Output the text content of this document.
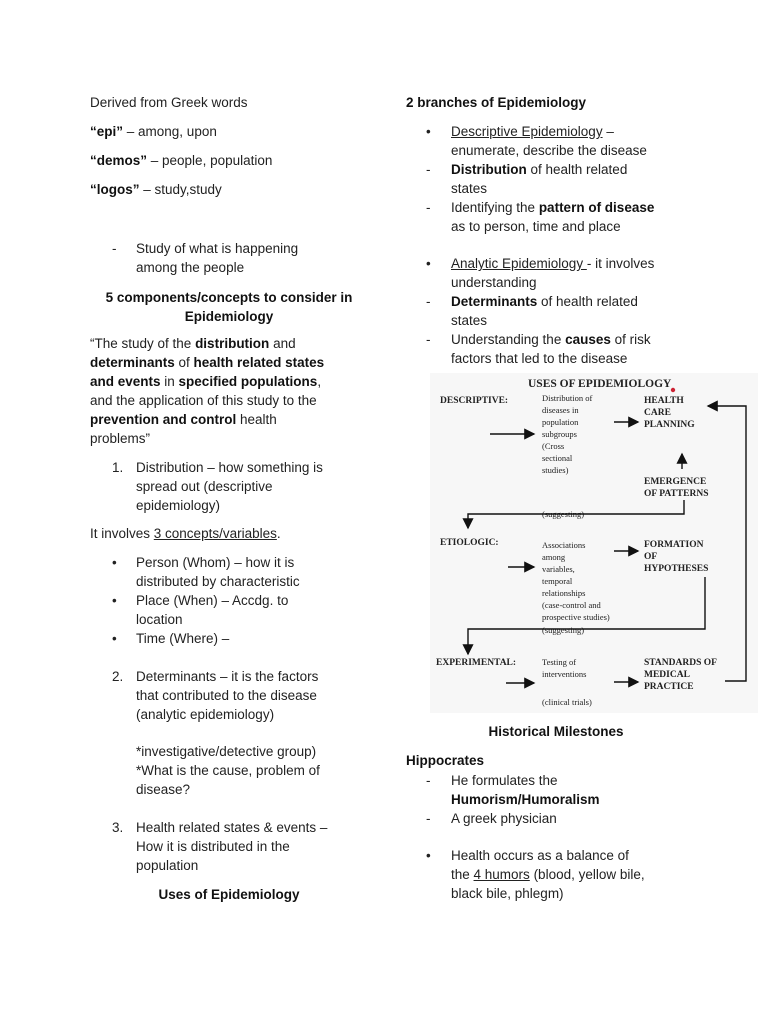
Derived from Greek words

“epi” – among, upon

“demos” – people, population

“logos” – study,study

- Study of what is happening
among the people
5 components/concepts to consider in
Epidemiology
“The study of the distribution and
determinants of health related states
and events in specified populations,
and the application of this study to the
prevention and control health
problems”
1. Distribution – how something is
spread out (descriptive
epidemiology)

It involves 3 concepts/variables.

• Person (Whom) – how it is
distributed by characteristic
• Place (When) – Accdg. to
location
• Time (Where) –
2. Determinants – it is the factors
that contributed to the disease
(analytic epidemiology)
*investigative/detective group)
*What is the cause, problem of
disease?
3. Health related states & events –
How it is distributed in the
population
Uses of Epidemiology

2 branches of Epidemiology

• Descriptive Epidemiology –
enumerate, describe the disease
- Distribution of health related
states
- Identifying the pattern of disease
as to person, time and place
• Analytic Epidemiology - it involves
understanding
- Determinants of health related
states
- Understanding the causes of risk
factors that led to the disease
Historical Milestones

Hippocrates

- He formulates the
Humorism/Humoralism
- A greek physician
• Health occurs as a balance of
the 4 humors (blood, yellow bile,
black bile, phlegm)
USES OF EPIDEMIOLOGY
DESCRIPTIVE:	Distribution of
diseases in
population
subgroups
(Cross
sectional
studies)
HEALTH
CARE
PLANNING
EMERGENCE
OF PATTERNS
(suggesting)
ETIOLOGIC:	Associations
among
variables,
temporal
relationships
(case-control and
prospective studies)
(suggesting)
FORMATION
OF
HYPOTHESES
EXPERIMENTAL:	Testing of
interventions
(clinical trials)
STANDARDS OF
MEDICAL
PRACTICE
